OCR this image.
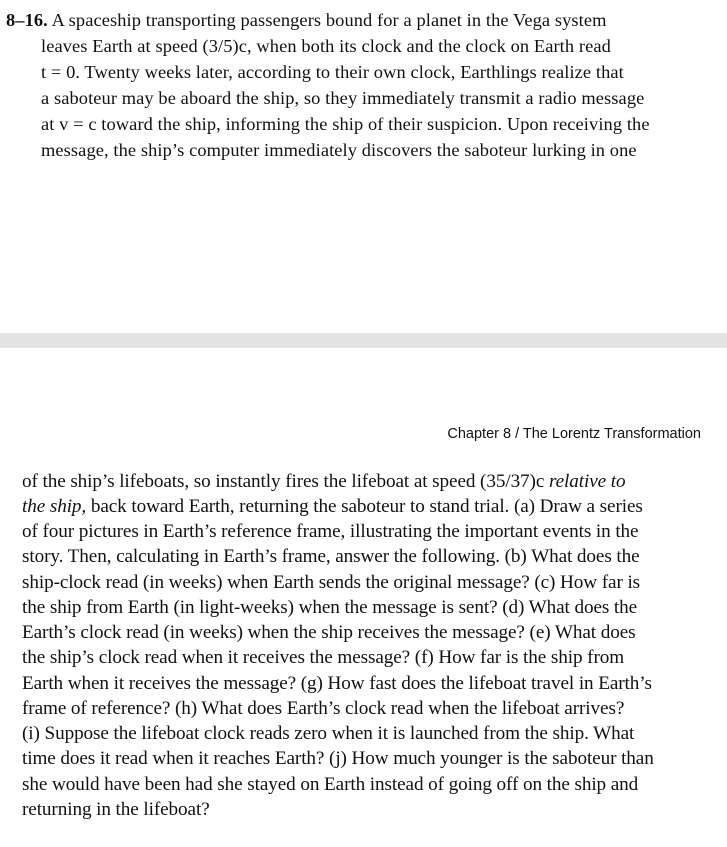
8–16. A spaceship transporting passengers bound for a planet in the Vega system
leaves Earth at speed (3/5)c, when both its clock and the clock on Earth read
t = 0. Twenty weeks later, according to their own clock, Earthlings realize that
a saboteur may be aboard the ship, so they immediately transmit a radio message
at v = c toward the ship, informing the ship of their suspicion. Upon receiving the
message, the ship’s computer immediately discovers the saboteur lurking in one
Chapter 8 / The Lorentz Transformation
of the ship’s lifeboats, so instantly fires the lifeboat at speed (35/37)c relative to
the ship, back toward Earth, returning the saboteur to stand trial. (a) Draw a series
of four pictures in Earth’s reference frame, illustrating the important events in the
story. Then, calculating in Earth’s frame, answer the following. (b) What does the
ship-clock read (in weeks) when Earth sends the original message? (c) How far is
the ship from Earth (in light-weeks) when the message is sent? (d) What does the
Earth’s clock read (in weeks) when the ship receives the message? (e) What does
the ship’s clock read when it receives the message? (f) How far is the ship from
Earth when it receives the message? (g) How fast does the lifeboat travel in Earth’s
frame of reference? (h) What does Earth’s clock read when the lifeboat arrives?
(i) Suppose the lifeboat clock reads zero when it is launched from the ship. What
time does it read when it reaches Earth? (j) How much younger is the saboteur than
she would have been had she stayed on Earth instead of going off on the ship and
returning in the lifeboat?
